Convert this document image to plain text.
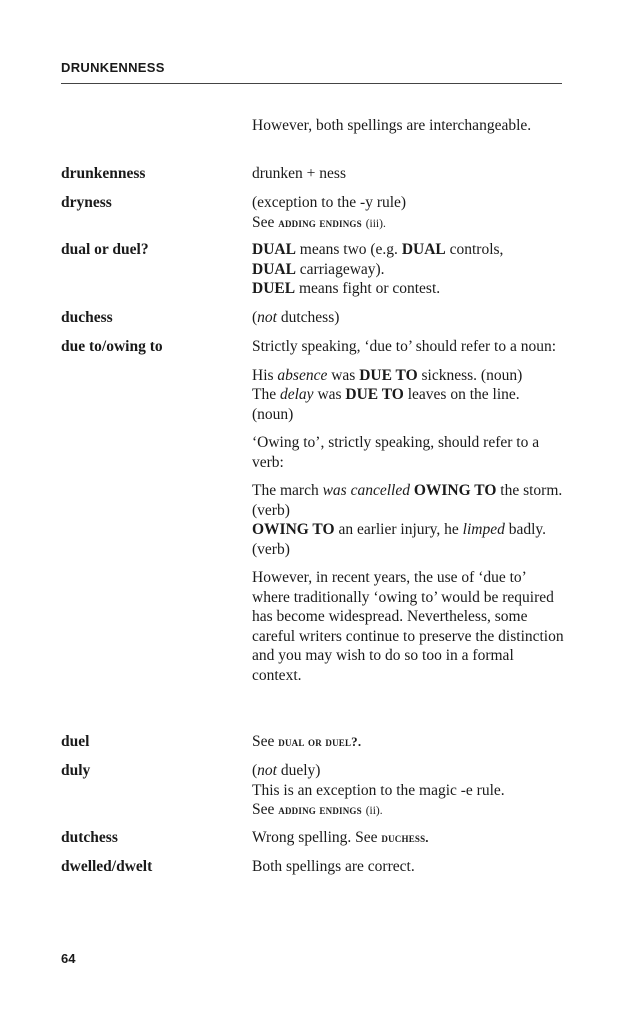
DRUNKENNESS
However, both spellings are interchangeable.
drunkenness	drunken + ness
dryness	(exception to the -y rule)

See adding endings (iii).

dual or duel?	DUAL means two (e.g. DUAL controls,

DUAL carriageway).

DUEL means fight or contest.

duchess	(not dutchess)
due to/owing to	Strictly speaking, ‘due to’ should refer to a noun:

His absence was DUE TO sickness. (noun)

The delay was DUE TO leaves on the line. (noun)

‘Owing to’, strictly speaking, should refer to a verb:

The march was cancelled OWING TO the storm. (verb)

OWING TO an earlier injury, he limped badly. (verb)

However, in recent years, the use of ‘due to’ where traditionally ‘owing to’ would be required has become widespread. Nevertheless, some careful writers continue to preserve the distinction and you may wish to do so too in a formal context.

duel	See dual or duel?.
duly	(not duely)

This is an exception to the magic -e rule.

See adding endings (ii).

dutchess	Wrong spelling. See duchess.
dwelled/dwelt	Both spellings are correct.
64
